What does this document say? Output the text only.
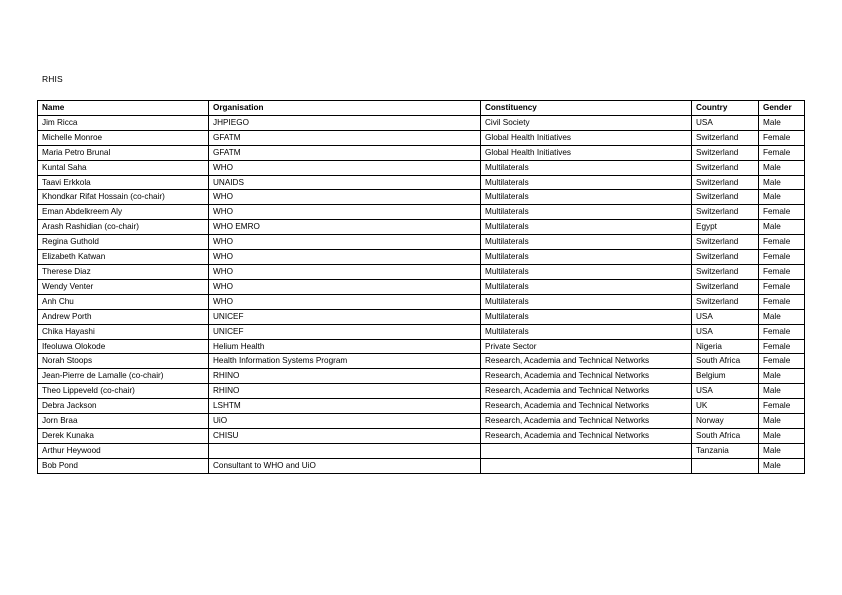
RHIS
Name	Organisation	Constituency	Country	Gender
Jim Ricca	JHPIEGO	Civil Society	USA	Male
Michelle Monroe	GFATM	Global Health Initiatives	Switzerland	Female
Maria Petro Brunal	GFATM	Global Health Initiatives	Switzerland	Female
Kuntal Saha	WHO	Multilaterals	Switzerland	Male
Taavi Erkkola	UNAIDS	Multilaterals	Switzerland	Male
Khondkar Rifat Hossain (co-chair)	WHO	Multilaterals	Switzerland	Male
Eman Abdelkreem Aly	WHO	Multilaterals	Switzerland	Female
Arash Rashidian (co-chair)	WHO EMRO	Multilaterals	Egypt	Male
Regina Guthold	WHO	Multilaterals	Switzerland	Female
Elizabeth Katwan	WHO	Multilaterals	Switzerland	Female
Therese Diaz	WHO	Multilaterals	Switzerland	Female
Wendy Venter	WHO	Multilaterals	Switzerland	Female
Anh Chu	WHO	Multilaterals	Switzerland	Female
Andrew Porth	UNICEF	Multilaterals	USA	Male
Chika Hayashi	UNICEF	Multilaterals	USA	Female
Ifeoluwa Olokode	Helium Health	Private Sector	Nigeria	Female
Norah Stoops	Health Information Systems Program	Research, Academia and Technical Networks	South Africa	Female
Jean-Pierre de Lamalle (co-chair)	RHINO	Research, Academia and Technical Networks	Belgium	Male
Theo Lippeveld (co-chair)	RHINO	Research, Academia and Technical Networks	USA	Male
Debra Jackson	LSHTM	Research, Academia and Technical Networks	UK	Female
Jorn Braa	UiO	Research, Academia and Technical Networks	Norway	Male
Derek Kunaka	CHISU	Research, Academia and Technical Networks	South Africa	Male
Arthur Heywood			Tanzania	Male
Bob Pond	Consultant to WHO and UiO			Male
